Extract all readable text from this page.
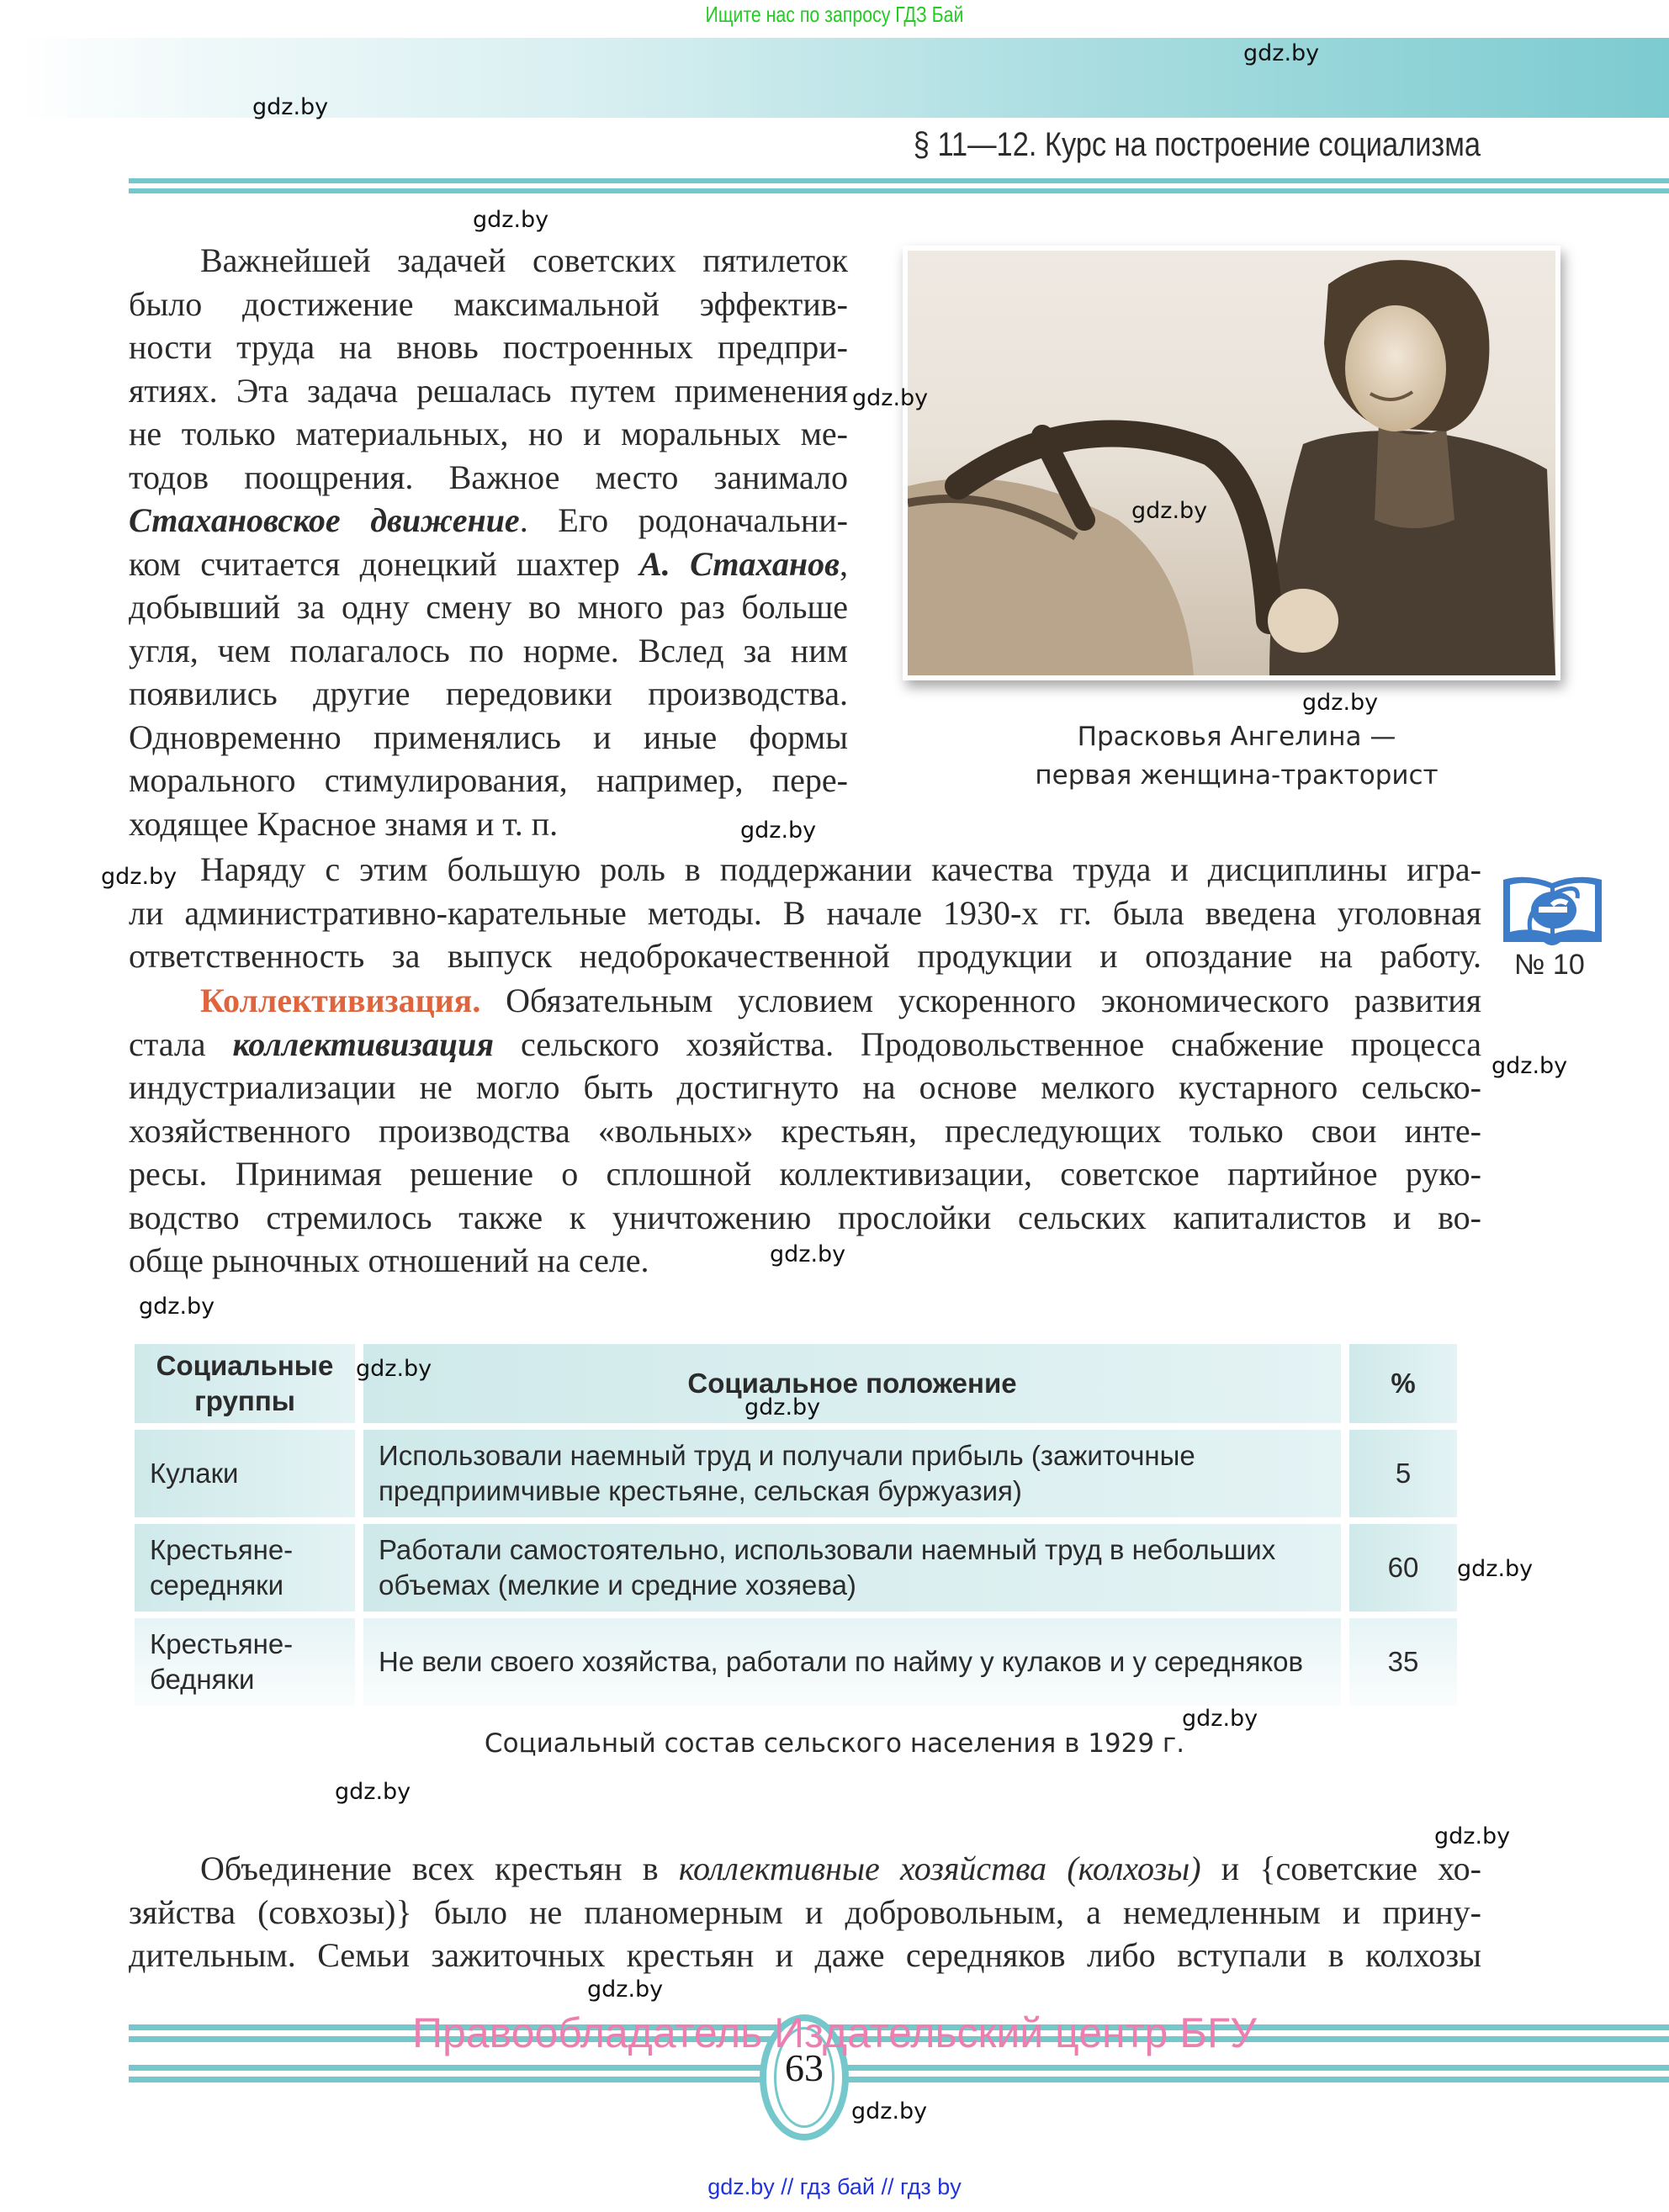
Ищите нас по запросу ГДЗ Бай
§ 11—12. Курс на построение социализма
Важнейшей задачей советских пятилеток
было достижение максимальной эффектив-
ности труда на вновь построенных предпри-
ятиях. Эта задача решалась путем применения
не только материальных, но и моральных ме-
тодов поощрения. Важное место занимало
Стахановское движение. Его родоначальни-
ком считается донецкий шахтер А. Стаханов,
добывший за одну смену во много раз больше
угля, чем полагалось по норме. Вслед за ним
появились другие передовики производства.
Одновременно применялись и иные формы
морального стимулирования, например, пере-
ходящее Красное знамя и т. п.
Прасковья Ангелина —
первая женщина-тракторист
Наряду с этим большую роль в поддержании качества труда и дисциплины игра-
ли административно-карательные методы. В начале 1930-х гг. была введена уголовная
ответственность за выпуск недоброкачественной продукции и опоздание на работу. № 10
Коллективизация. Обязательным условием ускоренного экономического развития
стала коллективизация сельского хозяйства. Продовольственное снабжение процесса
индустриализации не могло быть достигнуто на основе мелкого кустарного сельско-
хозяйственного производства «вольных» крестьян, преследующих только свои инте-
ресы. Принимая решение о сплошной коллективизации, советское партийное руко-
водство стремилось также к уничтожению прослойки сельских капиталистов и во-
обще рыночных отношений на селе.
Социальные группы	Социальное положение	%
Кулаки	Использовали наемный труд и получали прибыль (зажиточные предприимчивые крестьяне, сельская буржуазия)	5
Крестьяне-середняки	Работали самостоятельно, использовали наемный труд в небольших объемах (мелкие и средние хозяева)	60
Крестьяне-бедняки	Не вели своего хозяйства, работали по найму у кулаков и у середняков	35
Социальный состав сельского населения в 1929 г.
Объединение всех крестьян в коллективные хозяйства (колхозы) и {советские хо-
зяйства (совхозы)} было не планомерным и добровольным, а немедленным и прину-
дительным. Семьи зажиточных крестьян и даже середняков либо вступали в колхозы
63
Правообладатель Издательский центр БГУ
gdz.by // гдз бай // гдз by
gdz.by
gdz.by
gdz.by
gdz.by
gdz.by
gdz.by
gdz.by
gdz.by
gdz.by
gdz.by
gdz.by
gdz.by
gdz.by
gdz.by
gdz.by
gdz.by
gdz.by
gdz.by
gdz.by
